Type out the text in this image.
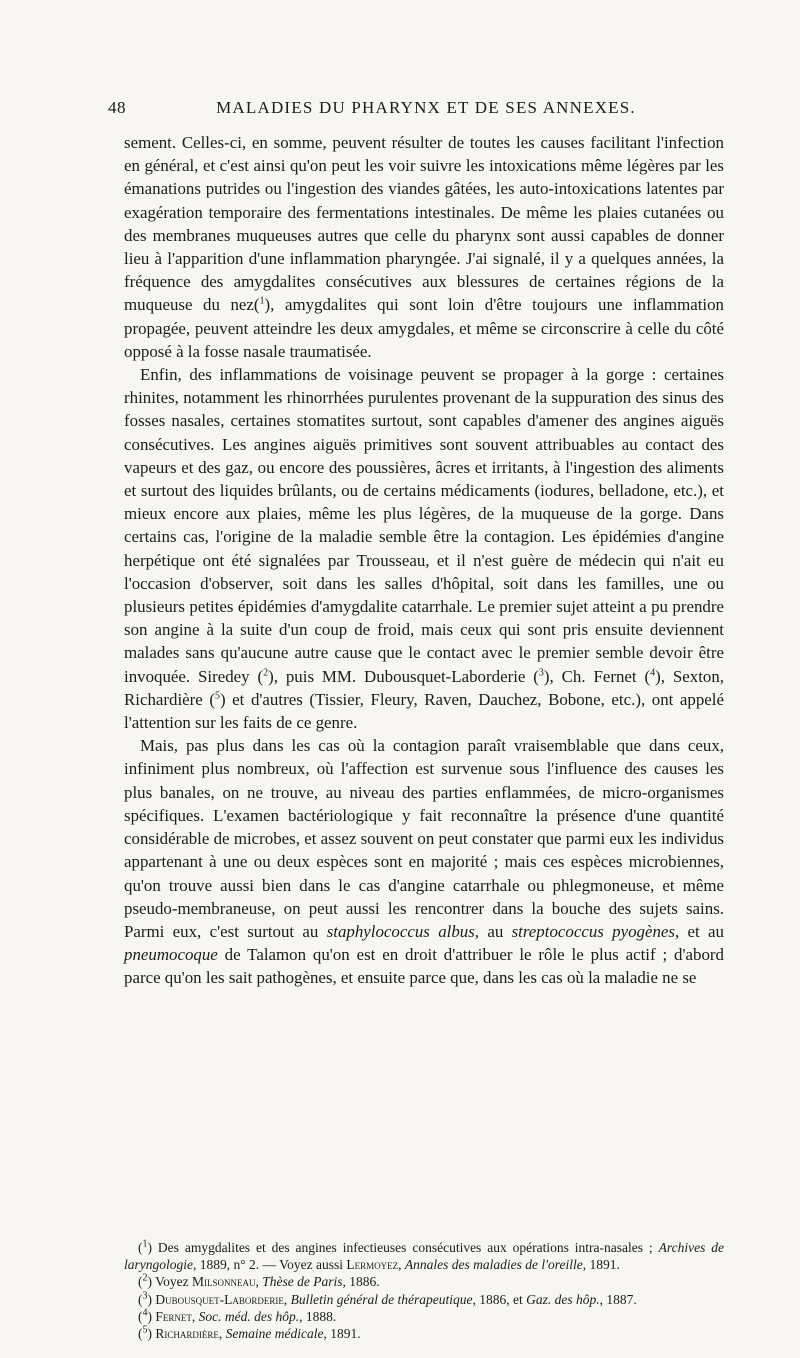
48	MALADIES DU PHARYNX ET DE SES ANNEXES.

sement. Celles-ci, en somme, peuvent résulter de toutes les causes facilitant l'infection en général, et c'est ainsi qu'on peut les voir suivre les intoxications même légères par les émanations putrides ou l'ingestion des viandes gâtées, les auto-intoxications latentes par exagération temporaire des fermentations intestinales. De même les plaies cutanées ou des membranes muqueuses autres que celle du pharynx sont aussi capables de donner lieu à l'apparition d'une inflammation pharyngée. J'ai signalé, il y a quelques années, la fréquence des amygdalites consécutives aux blessures de certaines régions de la muqueuse du nez($^1$), amygdalites qui sont loin d'être toujours une inflammation propagée, peuvent atteindre les deux amygdales, et même se circonscrire à celle du côté opposé à la fosse nasale traumatisée.

Enfin, des inflammations de voisinage peuvent se propager à la gorge : certaines rhinites, notamment les rhinorrhées purulentes provenant de la suppuration des sinus des fosses nasales, certaines stomatites surtout, sont capables d'amener des angines aiguës consécutives. Les angines aiguës primitives sont souvent attribuables au contact des vapeurs et des gaz, ou encore des poussières, âcres et irritants, à l'ingestion des aliments et surtout des liquides brûlants, ou de certains médicaments (iodures, belladone, etc.), et mieux encore aux plaies, même les plus légères, de la muqueuse de la gorge. Dans certains cas, l'origine de la maladie semble être la contagion. Les épidémies d'angine herpétique ont été signalées par Trousseau, et il n'est guère de médecin qui n'ait eu l'occasion d'observer, soit dans les salles d'hôpital, soit dans les familles, une ou plusieurs petites épidémies d'amygdalite catarrhale. Le premier sujet atteint a pu prendre son angine à la suite d'un coup de froid, mais ceux qui sont pris ensuite deviennent malades sans qu'aucune autre cause que le contact avec le premier semble devoir être invoquée. Siredey ($^2$), puis MM. Dubousquet-Laborderie ($^3$), Ch. Fernet ($^4$), Sexton, Richardière ($^5$) et d'autres (Tissier, Fleury, Raven, Dauchez, Bobone, etc.), ont appelé l'attention sur les faits de ce genre.

Mais, pas plus dans les cas où la contagion paraît vraisemblable que dans ceux, infiniment plus nombreux, où l'affection est survenue sous l'influence des causes les plus banales, on ne trouve, au niveau des parties enflammées, de micro-organismes spécifiques. L'examen bactériologique y fait reconnaître la présence d'une quantité considérable de microbes, et assez souvent on peut constater que parmi eux les individus appartenant à une ou deux espèces sont en majorité ; mais ces espèces microbiennes, qu'on trouve aussi bien dans le cas d'angine catarrhale ou phlegmoneuse, et même pseudo-membraneuse, on peut aussi les rencontrer dans la bouche des sujets sains. Parmi eux, c'est surtout au staphylococcus albus, au streptococcus pyogènes, et au pneumocoque de Talamon qu'on est en droit d'attribuer le rôle le plus actif ; d'abord parce qu'on les sait pathogènes, et ensuite parce que, dans les cas où la maladie ne se

($^1$) Des amygdalites et des angines infectieuses consécutives aux opérations intra-nasales ; Archives de laryngologie, 1889, n° 2. — Voyez aussi Lermoyez, Annales des maladies de l'oreille, 1891.

($^2$) Voyez Milsonneau, Thèse de Paris, 1886.

($^3$) Dubousquet-Laborderie, Bulletin général de thérapeutique, 1886, et Gaz. des hôp., 1887.

($^4$) Fernet, Soc. méd. des hôp., 1888.

($^5$) Richardière, Semaine médicale, 1891.
